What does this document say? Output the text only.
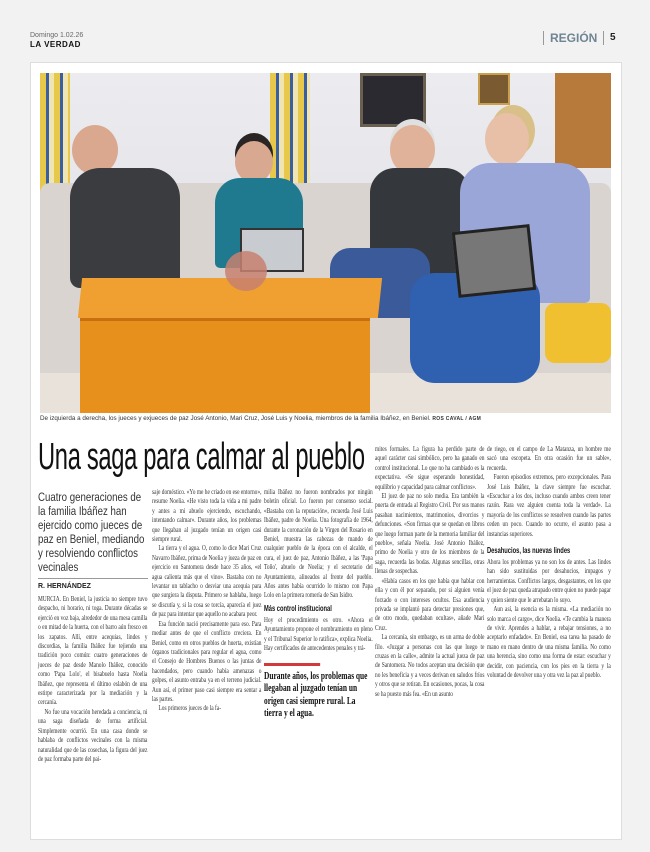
Domingo 1.02.26
LA VERDAD	REGIÓN	5
De izquierda a derecha, los jueces y exjueces de paz José Antonio, Mari Cruz, José Luis y Noelia, miembros de la familia Ibáñez, en Beniel. ROS CAVAL / AGM
Una saga para calmar al pueblo
Cuatro generaciones de la familia Ibáñez han ejercido como jueces de paz en Beniel, mediando y resolviendo conflictos vecinales
R. HERNÁNDEZ

MURCIA. En Beniel, la justicia no siempre tuvo despacho, ni horario, ni toga. Durante décadas se ejerció en voz baja, alrededor de una mesa camilla o en mitad de la huerta, con el barro aún fresco en los zapatos. Allí, entre acequias, lindes y discordias, la familia Ibáñez fue tejiendo una tradición poco común: cuatro generaciones de jueces de paz desde Manolo Ibáñez, conocido como 'Papa Lolo', el bisabuelo hasta Noelia Ibáñez, que representa el último eslabón de una estirpe caracterizada por la mediación y la cercanía.

No fue una vocación heredada a conciencia, ni una saga diseñada de forma artificial. Simplemente ocurrió. En una casa donde se hablaba de conflictos vecinales con la misma naturalidad que de las cosechas, la figura del juez de paz formaba parte del pai-

saje doméstico. «Yo me he criado en ese entorno», resume Noelia. «He visto toda la vida a mi padre y antes a mi abuelo ejerciendo, escuchando, intentando calmar». Durante años, los problemas que llegaban al juzgado tenían un origen casi siempre rural.

La tierra y el agua. O, como lo dice Mari Cruz Navarro Ibáñez, prima de Noelia y jueza de paz en ejercicio en Santomera desde hace 35 años, «el agua calienta más que el vino». Bastaba con no levantar un tablacho o desviar una acequia para que surgiera la disputa. Primero se hablaba, luego se discutía y, si la cosa se torcía, aparecía el juez de paz para intentar que aquello no acabara peor.

Esa función nació precisamente para eso. Para mediar antes de que el conflicto creciera. En Beniel, como en otros pueblos de huerta, existían órganos tradicionales para regular el agua, como el Consejo de Hombres Buenos o las juntas de hacendados, pero cuando había amenazas o golpes, el asunto entraba ya en el terreno judicial. Aun así, el primer paso casi siempre era sentar a las partes.

Los primeros jueces de la fa-

milia Ibáñez no fueron nombrados por ningún boletín oficial. Lo fueron por consenso social. «Bastaba con la reputación», recuerda José Luis Ibáñez, padre de Noelia. Una fotografía de 1964, durante la coronación de la Virgen del Rosario en Beniel, muestra las cabezas de mando de cualquier pueblo de la época con el alcalde, el cura, el juez de paz, Antonio Ibáñez, a las 'Papa Toño', abuelo de Noelia; y el secretario del Ayuntamiento, alineados al frente del pueblo. Años antes había ocurrido lo mismo con Papa Lolo en la primera romería de San Isidro.

Más control institucional

Hoy el procedimiento es otro. «Ahora el Ayuntamiento propone el nombramiento en pleno y el Tribunal Superior lo ratifica», explica Noelia. Hay certificados de antecedentes penales y trá-

Durante años, los problemas que llegaban al juzgado tenían un origen casi siempre rural. La tierra y el agua.

mites formales. La figura ha perdido parte de aquel carácter casi simbólico, pero ha ganado en control institucional. Lo que no ha cambiado es la expectativa. «Se sigue esperando honestidad, equilibrio y capacidad para calmar conflictos».

El juez de paz no solo media. Era también la puerta de entrada al Registro Civil. Por sus manos pasaban nacimientos, matrimonios, divorcios y defunciones. «Son firmas que se quedan en libros que luego forman parte de la memoria familiar del pueblo», señala Noelia. José Antonio Ibáñez, primo de Noelia y otro de los miembros de la saga, recuerda las bodas. Algunas sencillas, otras llenas de sospechas.

«Había casos en los que había que hablar con ella y con él por separado, por si alguien venía forzado o con intereses ocultos. Esa audiencia privada se implantó para detectar presiones que, de otro modo, quedaban ocultas», añade Mari Cruz.

La cercanía, sin embargo, es un arma de doble filo. «Juzgar a personas con las que luego te cruzas en la calle», admite la actual jueza de paz de Santomera. No todos aceptan una decisión que no les beneficia y a veces derivan en saludos fríos y otros que se retiran. En ocasiones, pocas, la cosa se ha puesto más fea. «En un asunto

de riego, en el campo de La Matanza, un hombre me sacó una escopeta. En otra ocasión fue un sable», recuerda.

Fueron episodios extremos, pero excepcionales. Para José Luis Ibáñez, la clave siempre fue escuchar. «Escuchar a los dos, incluso cuando ambos creen tener razón. Rara vez alguien cuenta toda la verdad». La mayoría de los conflictos se resuelven cuando las partes ceden un poco. Cuando no ocurre, el asunto pasa a instancias superiores.

Desahucios, las nuevas lindes

Ahora los problemas ya no son los de antes. Las lindes han sido sustituidas por desahucios, impagos y herramientas. Conflictos largos, desgastantes, en los que el juez de paz queda atrapado entre quien no puede pagar y quien siente que le arrebatan lo suyo.

Aun así, la esencia es la misma. «La mediación no solo marca el cargo», dice Noelia. «Te cambia la manera de vivir. Aprendes a hablar, a rebajar tensiones, a no aceptarlo enfadado». En Beniel, esa tarea ha pasado de mano en mano dentro de una misma familia. No como una herencia, sino como una forma de estar: escuchar y decidir, con paciencia, con los pies en la tierra y la voluntad de devolver una y otra vez la paz al pueblo.
